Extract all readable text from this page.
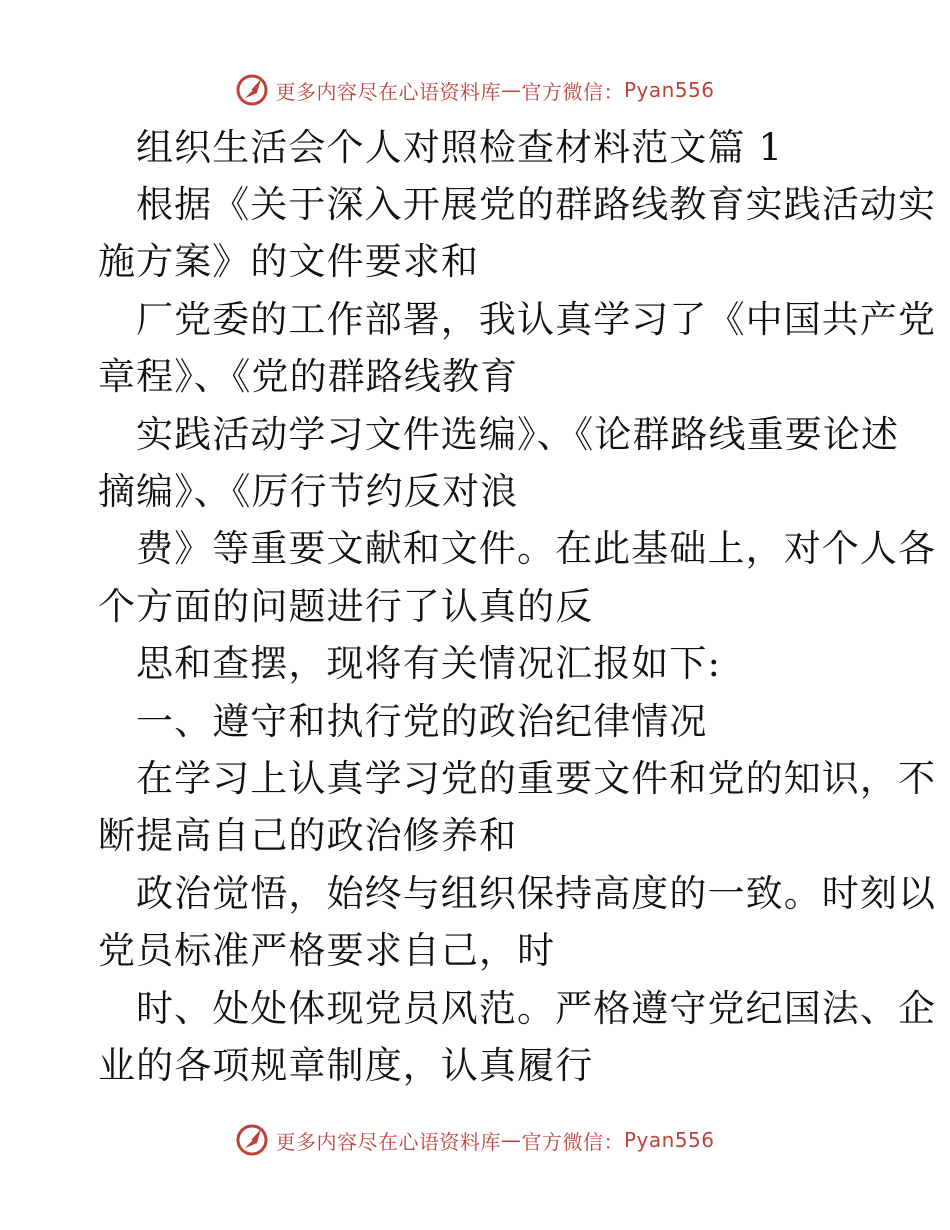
更多内容尽在心语资料库 — 官方微信： Pyan556
组织生活会个人对照检查材料范文篇 1
根据《关于深入开展党的群路线教育实践活动实
施方案》的文件要求和
厂党委的工作部署，我认真学习了《中国共产党
章程》、《党的群路线教育
实践活动学习文件选编》、《论群路线重要论述
摘编》、《厉行节约反对浪
费》等重要文献和文件。在此基础上，对个人各
个方面的问题进行了认真的反
思和查摆，现将有关情况汇报如下:
一、遵守和执行党的政治纪律情况
在学习上认真学习党的重要文件和党的知识，不
断提高自己的政治修养和
政治觉悟，始终与组织保持高度的一致。时刻以
党员标准严格要求自己，时
时、处处体现党员风范。严格遵守党纪国法、企
业的各项规章制度，认真履行
更多内容尽在心语资料库 — 官方微信： Pyan556
